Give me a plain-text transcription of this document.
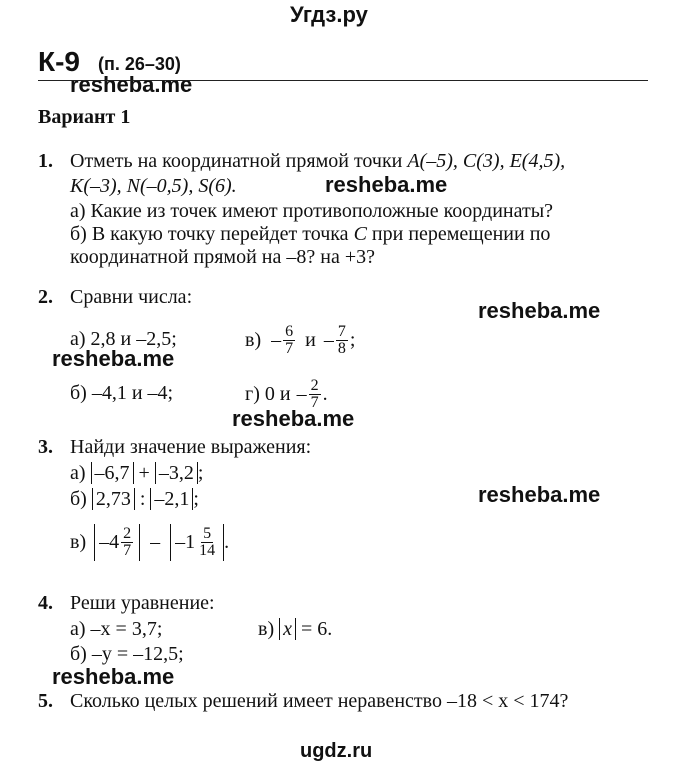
Угдз.ру
К-9 (п. 26–30)
resheba.me
Вариант 1
1. Отметь на координатной прямой точки A(–5), C(3), E(4,5),
K(–3), N(–0,5), S(6).	resheba.me
а) Какие из точек имеют противоположные координаты?
б) В какую точку перейдет точка C при перемещении по
координатной прямой на –8? на +3?
2. Сравни числа:
resheba.me
а) 2,8 и –2,5;	$в) - \frac{6}{7}$ и – $\frac{7}{8}$ ;
resheba.me
б) –4,1 и –4;	г) 0 и – $\frac{2}{7}$ .
resheba.me
3. Найди значение выражения:
а) –6,7 + –3,2 ;
б) 2,73 : –2,1 ;	resheba.me
в) $-4 \frac{2}{7} - -1 \frac{5}{14}$ .
4. Реши уравнение:
а) –x = 3,7;	в) x = 6.
б) –y = –12,5;
resheba.me
5. Сколько целых решений имеет неравенство –18 < x < 174?
ugdz.ru
